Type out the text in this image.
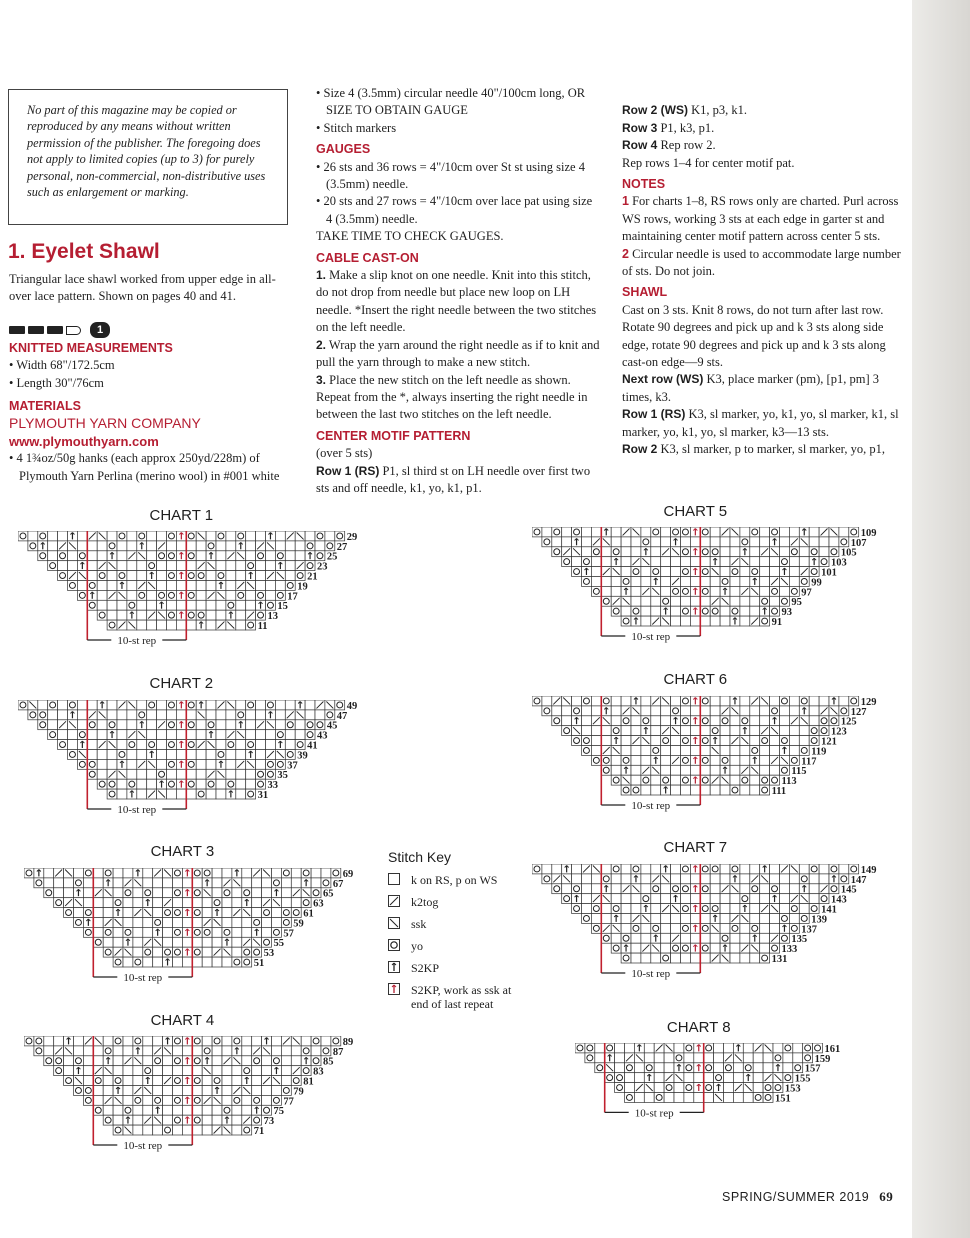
No part of this magazine may be copied or reproduced by any means without written permission of the publisher. The foregoing does not apply to limited copies (up to 3) for purely personal, non-commercial, non-distributive uses such as enlargement or marking.
1. Eyelet Shawl

Triangular lace shawl worked from upper edge in all-over lace pattern. Shown on pages 40 and 41.

KNITTED MEASUREMENTS

• Width 68"/172.5cm

• Length 30"/76cm

MATERIALS

PLYMOUTH YARN COMPANY

www.plymouthyarn.com

• 4 1¾oz/50g hanks (each approx 250yd/228m) of Plymouth Yarn Perlina (merino wool) in #001 white

1

• Size 4 (3.5mm) circular needle 40"/100cm long, OR SIZE TO OBTAIN GAUGE

• Stitch markers

GAUGES

• 26 sts and 36 rows = 4"/10cm over St st using size 4 (3.5mm) needle.

• 20 sts and 27 rows = 4"/10cm over lace pat using size 4 (3.5mm) needle.

TAKE TIME TO CHECK GAUGES.

CABLE CAST-ON

1. Make a slip knot on one needle. Knit into this stitch, do not drop from needle but place new loop on LH needle. *Insert the right needle between the two stitches on the left needle.

2. Wrap the yarn around the right needle as if to knit and pull the yarn through to make a new stitch.

3. Place the new stitch on the left needle as shown. Repeat from the *, always inserting the right needle in between the last two stitches on the left needle.

CENTER MOTIF PATTERN

(over 5 sts)

Row 1 (RS) P1, sl third st on LH needle over first two sts and off needle, k1, yo, k1, p1.

Row 2 (WS) K1, p3, k1.

Row 3 P1, k3, p1.

Row 4 Rep row 2.

Rep rows 1–4 for center motif pat.

NOTES

1 For charts 1–8, RS rows only are charted. Purl across WS rows, working 3 sts at each edge in garter st and maintaining center motif pattern across center 5 sts.

2 Circular needle is used to accommodate large number of sts. Do not join.

SHAWL

Cast on 3 sts. Knit 8 rows, do not turn after last row. Rotate 90 degrees and pick up and k 3 sts along side edge, rotate 90 degrees and pick up and k 3 sts along cast-on edge—9 sts.

Next row (WS) K3, place marker (pm), [p1, pm] 3 times, k3.

Row 1 (RS) K3, sl marker, yo, k1, yo, sl marker, k1, sl marker, yo, k1, yo, sl marker, k3—13 sts.

Row 2 K3, sl marker, p to marker, sl marker, yo, p1,

CHART 1
29
27
25
23
21
19
17
15
13
11
10-st rep
CHART 2
49
47
45
43
41
39
37
35
33
31
10-st rep
CHART 3
69
67
65
63
61
59
57
55
53
51
10-st rep
CHART 4
89
87
85
83
81
79
77
75
73
71
10-st rep
CHART 5
109
107
105
103
101
99
97
95
93
91
10-st rep
CHART 6
129
127
125
123
121
119
117
115
113
111
10-st rep
CHART 7
149
147
145
143
141
139
137
135
133
131
10-st rep
CHART 8
161
159
157
155
153
151
10-st rep
Stitch Key
k on RS, p on WS
k2tog
ssk
yo
S2KP
S2KP, work as ssk at end of last repeat
SPRING/SUMMER 2019 69
